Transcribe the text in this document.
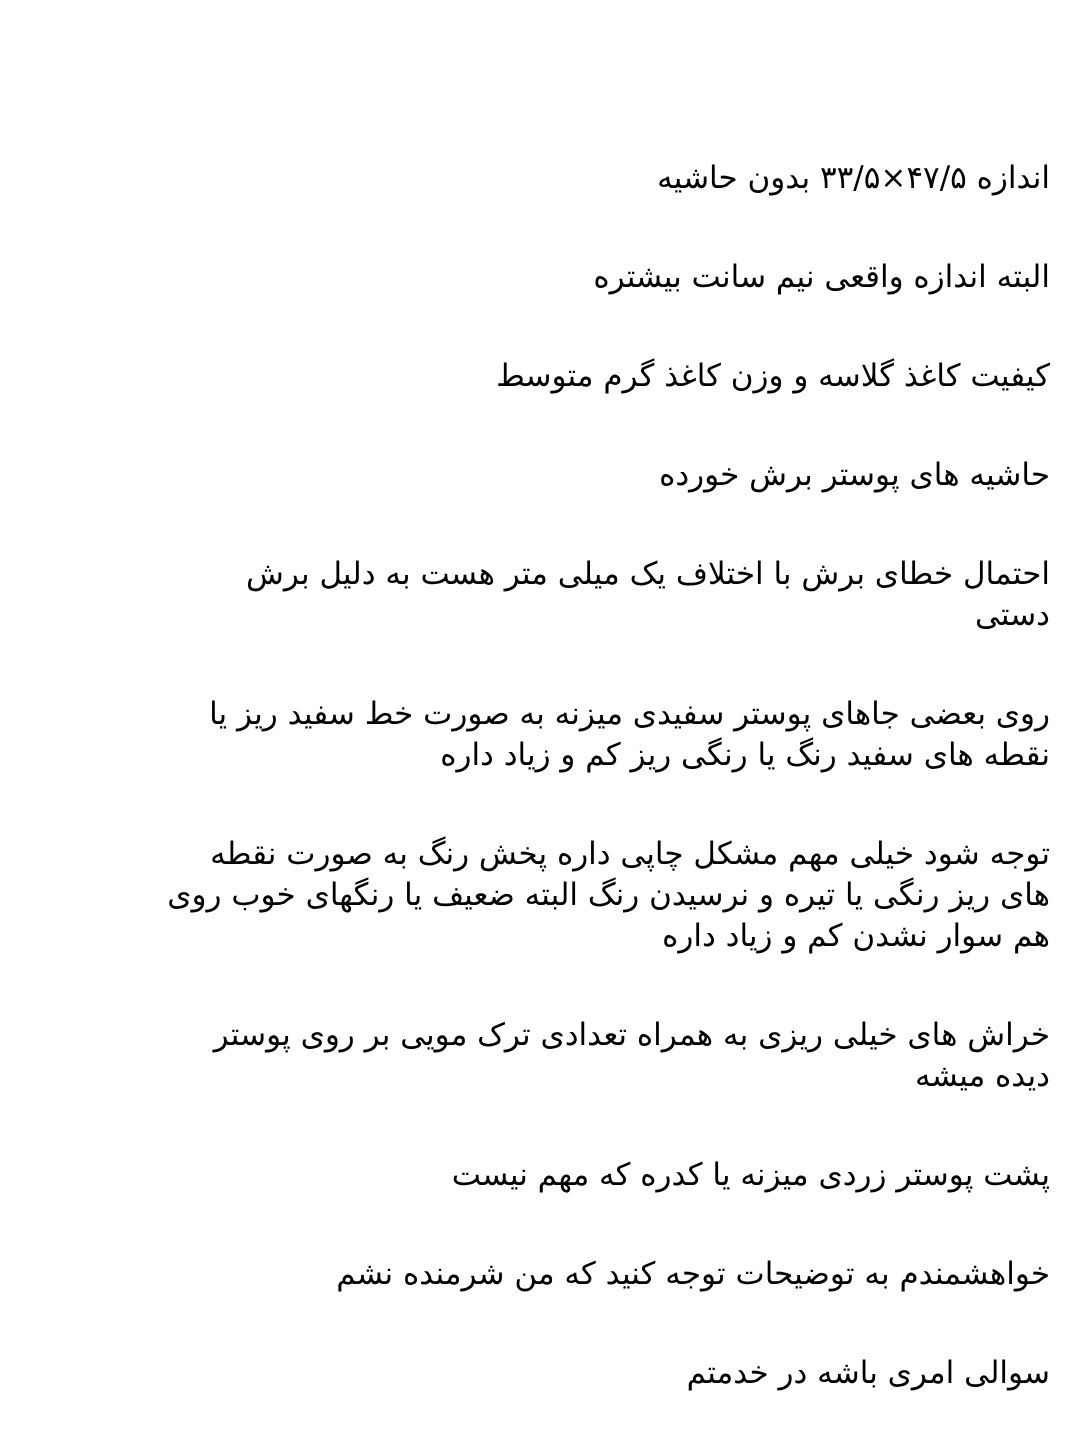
اندازه ۴۷/۵×۳۳/۵ بدون حاشیه

البته اندازه واقعی نیم سانت بیشتره

کیفیت کاغذ گلاسه و وزن کاغذ گرم متوسط

حاشیه های پوستر برش خورده

احتمال خطای برش با اختلاف یک میلی متر هست به دلیل برش
دستی

روی بعضی جاهای پوستر سفیدی میزنه به صورت خط سفید ریز یا
نقطه های سفید رنگ یا رنگی ریز کم و زیاد داره

توجه شود خیلی مهم مشکل چاپی داره پخش رنگ به صورت نقطه
های ریز رنگی یا تیره و نرسیدن رنگ البته ضعیف یا رنگهای خوب روی
هم سوار نشدن کم و زیاد داره

خراش های خیلی ریزی به همراه تعدادی ترک مویی بر روی پوستر
دیده میشه

پشت پوستر زردی میزنه یا کدره که مهم نیست

خواهشمندم به توضیحات توجه کنید که من شرمنده نشم

سوالی امری باشه در خدمتم
